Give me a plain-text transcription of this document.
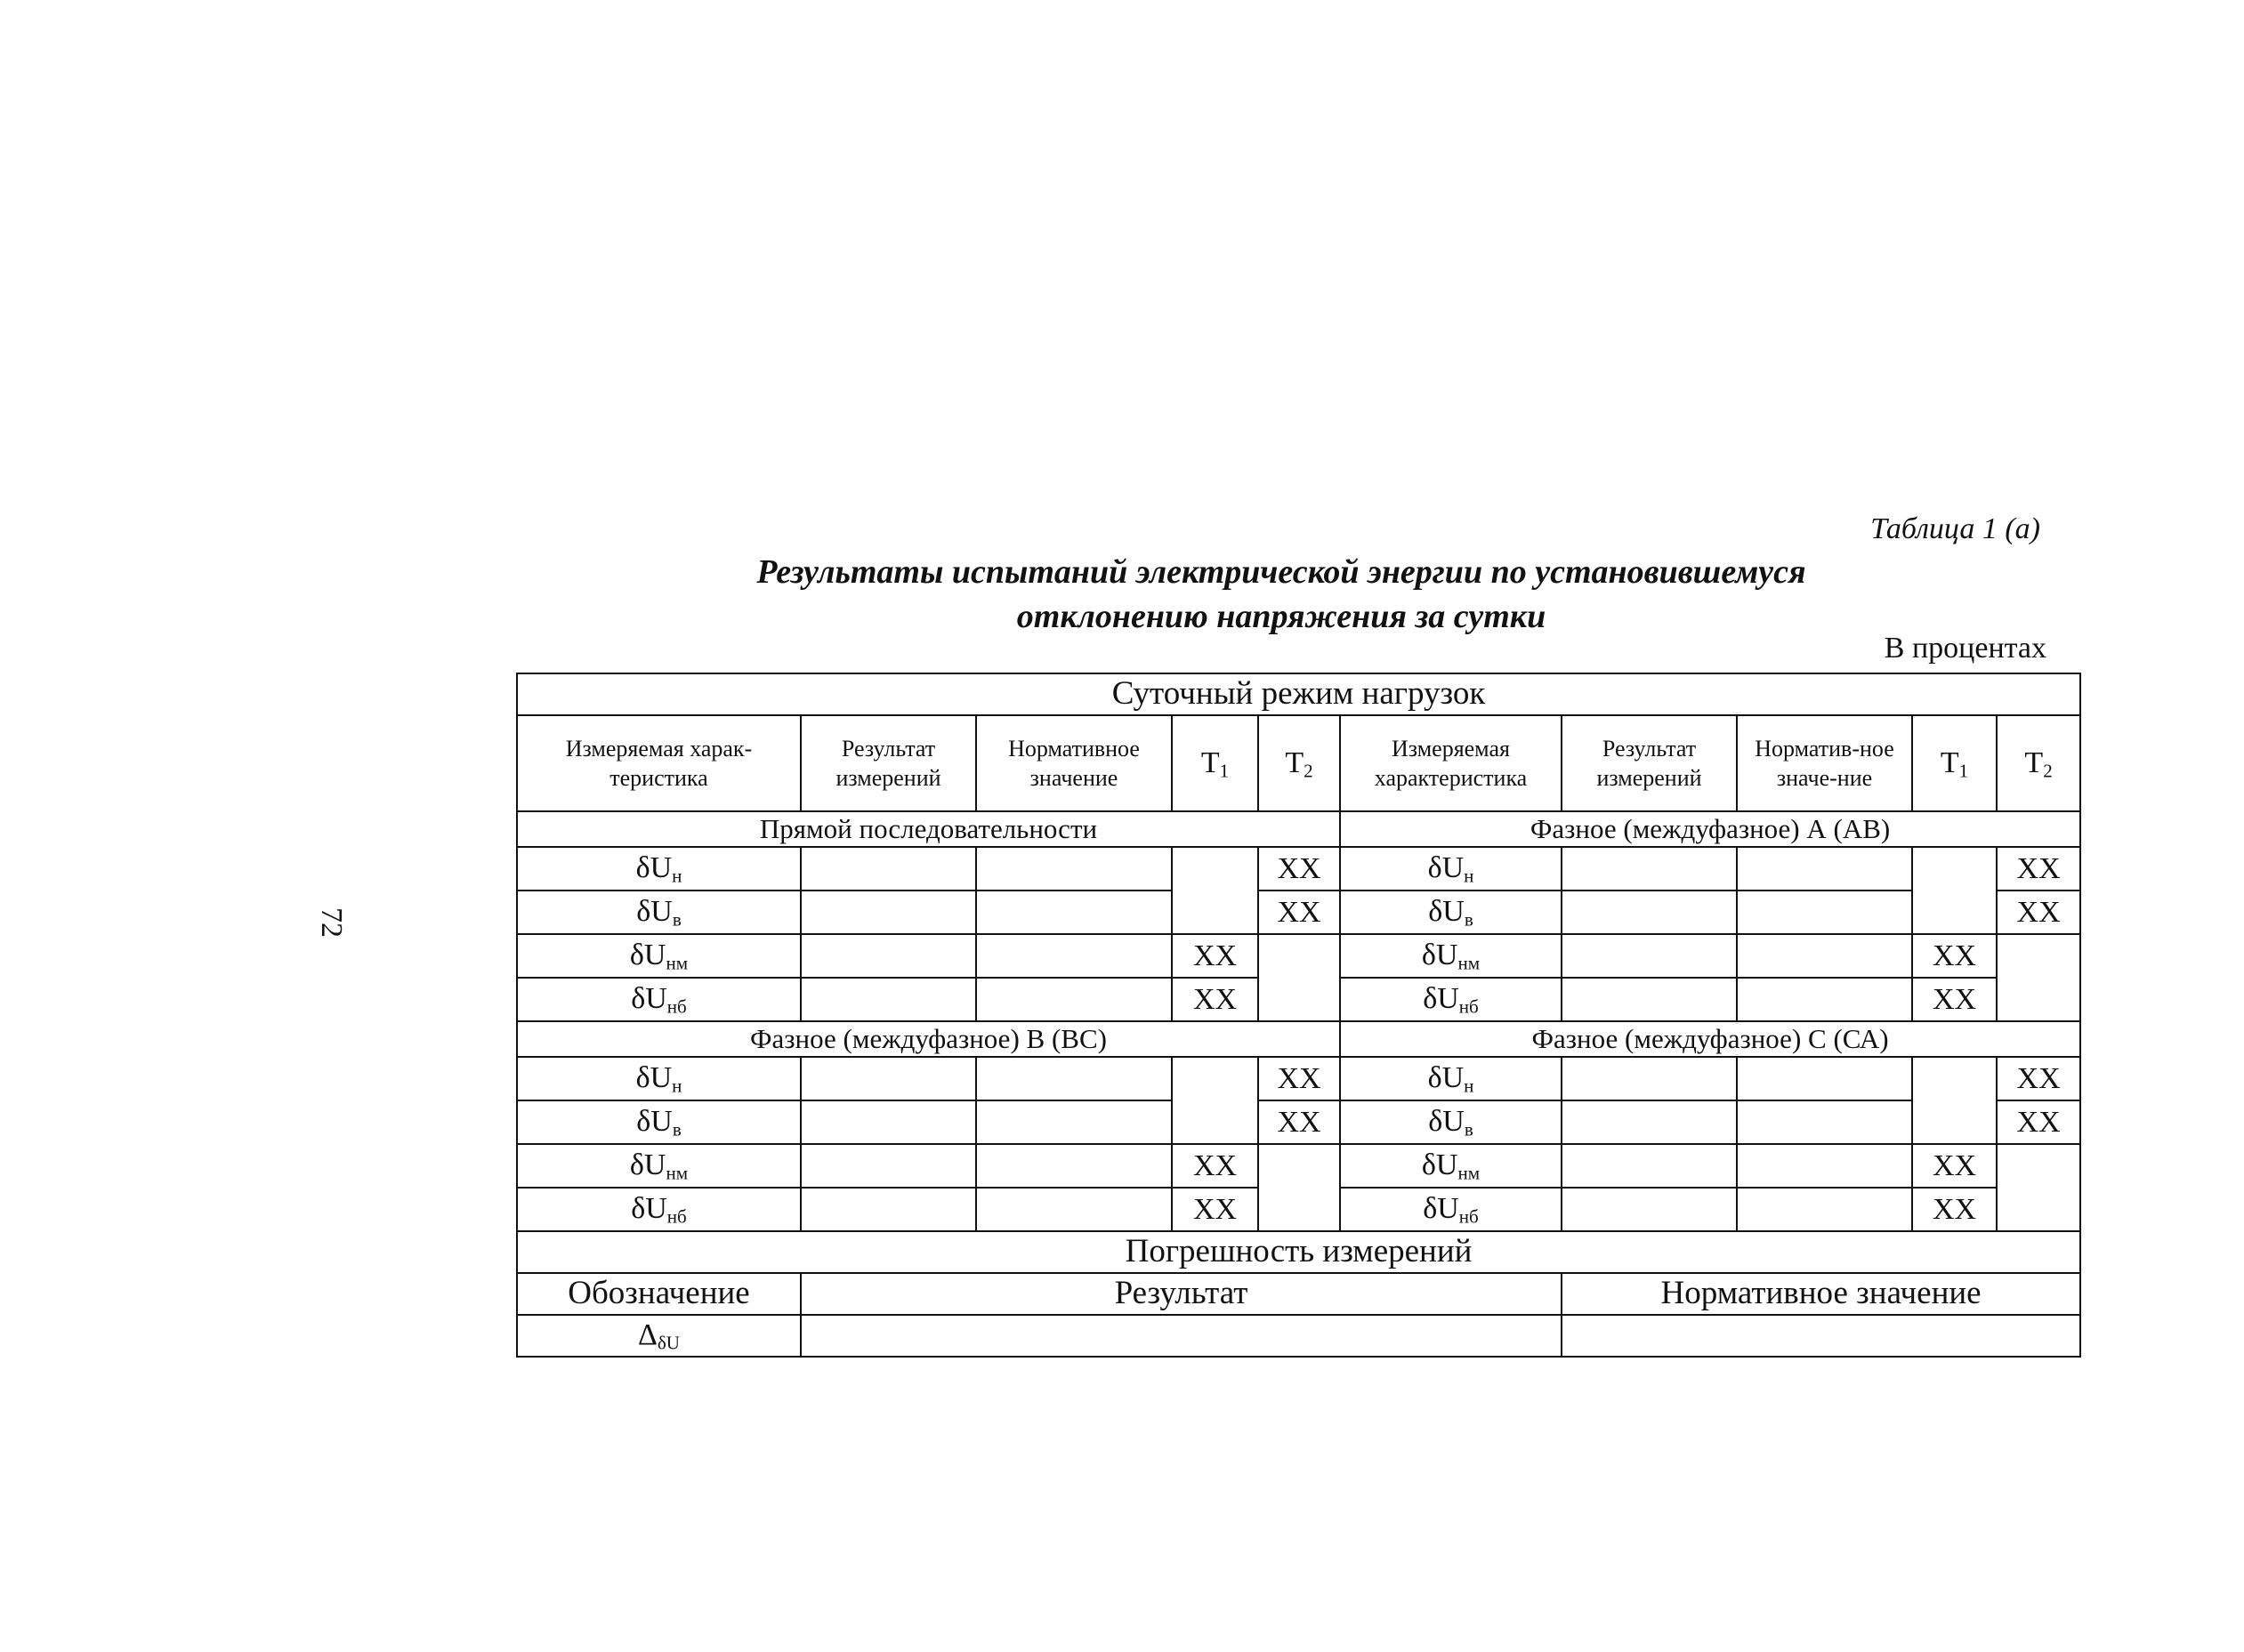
72
Таблица 1 (а)
Результаты испытаний электрической энергии по установившемуся
отклонению напряжения за сутки
В процентах
Суточный режим нагрузок									
Измеряемая харак-теристика	Результат измерений	Нормативное значение	$T_1$	$T_2$	Измеряемая характеристика	Результат измерений	Норматив-ное значе-ние	$T_1$	$T_2$
Прямой последовательности					Фазное (междуфазное) А (АВ)				
$\delta U_н$				XX	$\delta U_н$				XX
$\delta U_в$				XX	$\delta U_в$				XX
$\delta U_{нм}$			XX		$\delta U_{нм}$			XX	
$\delta U_{нб}$			XX		$\delta U_{нб}$			XX	
Фазное (междуфазное) В (ВС)					Фазное (междуфазное) С (СА)				
$\delta U_н$				XX	$\delta U_н$				XX
$\delta U_в$				XX	$\delta U_в$				XX
$\delta U_{нм}$			XX		$\delta U_{нм}$			XX	
$\delta U_{нб}$			XX		$\delta U_{нб}$			XX	
Погрешность измерений									
Обозначение	Результат					Нормативное значение			
$\Delta_{\delta U}$		
